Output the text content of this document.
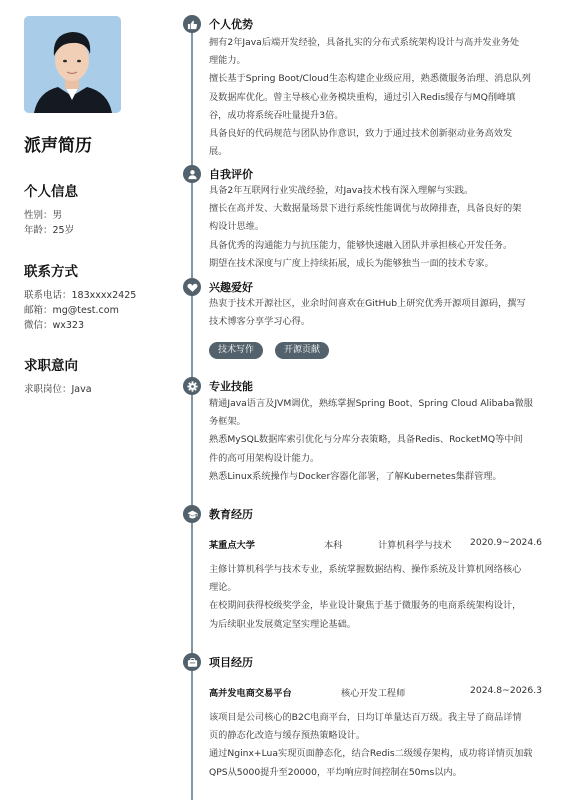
派声简历
个人信息
性别：男
年龄：25岁
联系方式
联系电话：183xxxx2425
邮箱：mg@test.com
微信：wx323
求职意向
求职岗位：Java
个人优势

拥有2年Java后端开发经验，具备扎实的分布式系统架构设计与高并发业务处

理能力。

擅长基于Spring Boot/Cloud生态构建企业级应用，熟悉微服务治理、消息队列

及数据库优化。曾主导核心业务模块重构，通过引入Redis缓存与MQ削峰填

谷，成功将系统吞吐量提升3倍。

具备良好的代码规范与团队协作意识，致力于通过技术创新驱动业务高效发

展。

自我评价

具备2年互联网行业实战经验，对Java技术栈有深入理解与实践。

擅长在高并发、大数据量场景下进行系统性能调优与故障排查，具备良好的架

构设计思维。

具备优秀的沟通能力与抗压能力，能够快速融入团队并承担核心开发任务。

期望在技术深度与广度上持续拓展，成长为能够独当一面的技术专家。

兴趣爱好

热衷于技术开源社区，业余时间喜欢在GitHub上研究优秀开源项目源码，撰写

技术博客分享学习心得。

技术写作	开源贡献
专业技能

精通Java语言及JVM调优，熟练掌握Spring Boot、Spring Cloud Alibaba微服

务框架。

熟悉MySQL数据库索引优化与分库分表策略，具备Redis、RocketMQ等中间

件的高可用架构设计能力。

熟悉Linux系统操作与Docker容器化部署，了解Kubernetes集群管理。

教育经历
某重点大学	本科	计算机科学与技术 2020.9~2024.6

主修计算机科学与技术专业，系统掌握数据结构、操作系统及计算机网络核心

理论。

在校期间获得校级奖学金，毕业设计聚焦于基于微服务的电商系统架构设计，

为后续职业发展奠定坚实理论基础。

项目经历
高并发电商交易平台	核心开发工程师	2024.8~2026.3

该项目是公司核心的B2C电商平台，日均订单量达百万级。我主导了商品详情

页的静态化改造与缓存预热策略设计。

通过Nginx+Lua实现页面静态化，结合Redis二级缓存架构，成功将详情页加载

QPS从5000提升至20000，平均响应时间控制在50ms以内。
